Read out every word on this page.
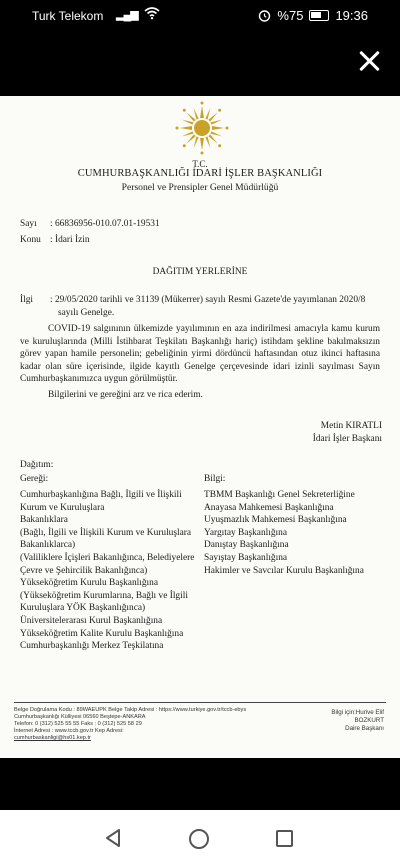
Turk Telekom ▂▄▆	%75 19:36
T.C.
CUMHURBAŞKANLIĞI İDARİ İŞLER BAŞKANLIĞI
Personel ve Prensipler Genel Müdürlüğü
Sayı : 66836956-010.07.01-19531
Konu : İdari İzin
DAĞITIM YERLERİNE
İlgi : 29/05/2020 tarihli ve 31139 (Mükerrer) sayılı Resmi Gazete'de yayımlanan 2020/8
sayılı Genelge.
COVID-19 salgınının ülkemizde yayılımının en aza indirilmesi amacıyla kamu kurum ve kuruluşlarında (Milli İstihbarat Teşkilatı Başkanlığı hariç) istihdam şekline bakılmaksızın görev yapan hamile personelin; gebeliğinin yirmi dördüncü haftasından otuz ikinci haftasına kadar olan süre içerisinde, ilgide kayıtlı Genelge çerçevesinde idari izinli sayılması Sayın Cumhurbaşkanımızca uygun görülmüştür.
Bilgilerini ve gereğini arz ve rica ederim.
Metin KIRATLI
İdari İşler Başkanı
Dağıtım:
Gereği:
Cumhurbaşkanlığına Bağlı, İlgili ve İlişkili
Kurum ve Kuruluşlara
Bakanlıklara
(Bağlı, İlgili ve İlişkili Kurum ve Kuruluşlara
Bakanlıklarca)
(Valiliklere İçişleri Bakanlığınca, Belediyelere
Çevre ve Şehircilik Bakanlığınca)
Yükseköğretim Kurulu Başkanlığına
(Yükseköğretim Kurumlarına, Bağlı ve İlgili
Kuruluşlara YÖK Başkanlığınca)
Üniversitelerarası Kurul Başkanlığına
Yükseköğretim Kalite Kurulu Başkanlığına
Cumhurbaşkanlığı Merkez Teşkilatına
Bilgi:
TBMM Başkanlığı Genel Sekreterliğine
Anayasa Mahkemesi Başkanlığına
Uyuşmazlık Mahkemesi Başkanlığına
Yargıtay Başkanlığına
Danıştay Başkanlığına
Sayıştay Başkanlığına
Hakimler ve Savcılar Kurulu Başkanlığına
Belge Doğrulama Kodu : 89WAEUPK Belge Takip Adresi : https://www.turkiye.gov.tr/tccb-ebys
Cumhurbaşkanlığı Külliyesi 06560 Beştepe-ANKARA
Telefon: 0 (312) 525 55 55 Faks : 0 (312) 525 58 29
İnternet Adresi : www.tccb.gov.tr Kep Adresi:
cumhurbaskanligi@hs01.kep.tr
Bilgi için:Hurive Elif
BOZKURT
Daire Başkanı
